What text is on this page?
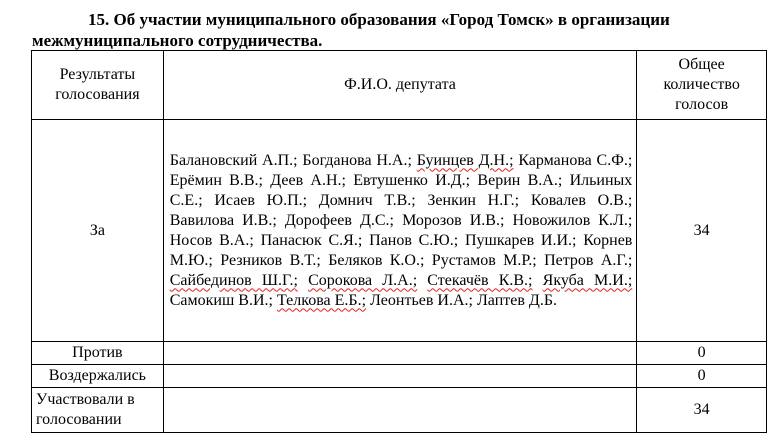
15. Об участии муниципального образования «Город Томск» в организации
межмуниципального сотрудничества.
Результаты голосования	Ф.И.О. депутата	Общее количество голосов
За	Балановский А.П.; Богданова Н.А.; Буинцев Д.Н.; Карманова С.Ф.; Ерёмин В.В.; Деев А.Н.; Евтушенко И.Д.; Верин В.А.; Ильиных С.Е.; Исаев Ю.П.; Домнич Т.В.; Зенкин Н.Г.; Ковалев О.В.; Вавилова И.В.; Дорофеев Д.С.; Морозов И.В.; Новожилов К.Л.; Носов В.А.; Панасюк С.Я.; Панов С.Ю.; Пушкарев И.И.; Корнев М.Ю.; Резников В.Т.; Беляков К.О.; Рустамов М.Р.; Петров А.Г.; Сайбединов Ш.Г.; Сорокова Л.А.; Стекачёв К.В.; Якуба М.И.; Самокиш В.И.; Телкова Е.Б.; Леонтьев И.А.; Лаптев Д.Б.	34
Против		0
Воздержались		0
Участвовали в голосовании		34
